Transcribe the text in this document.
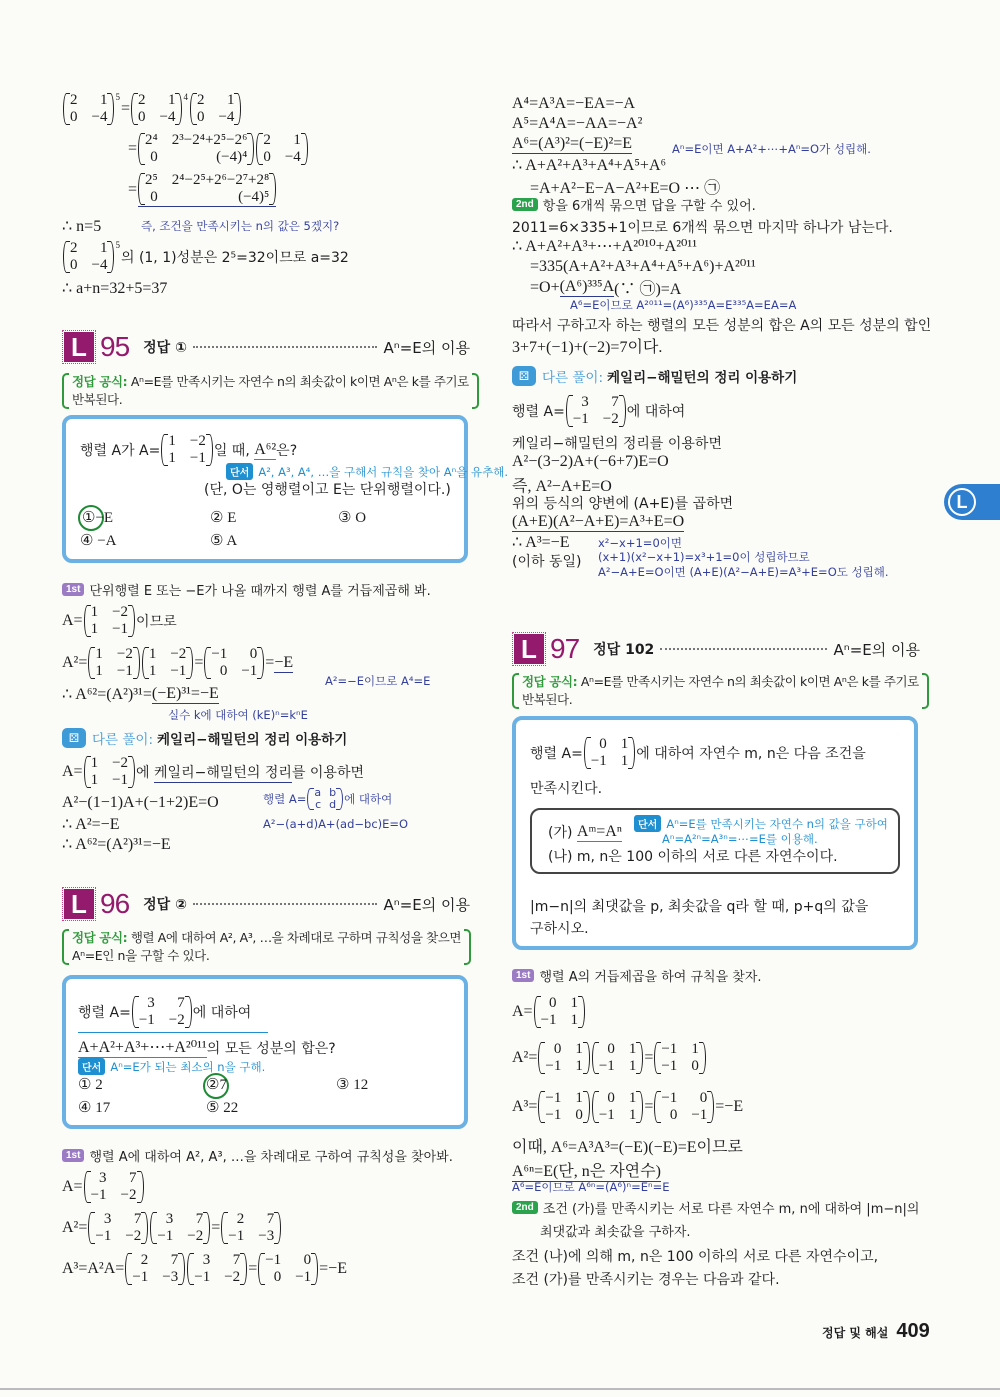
2	1
0 −4
5
= 2	1
0 −4
4 2	1
0 −4
= 2⁴ 2³−2⁴+2⁵−2⁶
0	(−4)⁴
2	1
0 −4
=
2⁵ 2⁴−2⁵+2⁶−2⁷+2⁸
0	(−4)⁵
∴ n=5	즉, 조건을 만족시키는 n의 값은 5겠지?
2	1
0 −4
5
의 (1, 1)성분은 2⁵=32이므로 a=32
∴ a+n=32+5=37
L 95 정답 ①	Aⁿ=E의 이용
정답 공식: Aⁿ=E를 만족시키는 자연수 n의 최솟값이 k이면 Aⁿ은 k를 주기로
반복된다.
행렬 A가 A=
1 −2
1 −1 일 때, A⁶² 은?
단서 A², A³, A⁴, …을 구해서 규칙을 찾아 Aⁿ을 유추해.
(단, O는 영행렬이고 E는 단위행렬이다.)
①−E	② E	③ O
④ −A	⑤ A
1st 단위행렬 E 또는 −E가 나올 때까지 행렬 A를 거듭제곱해 봐.
A= 1 −2
1 −1 이므로
A²= 1 −2
1 −1
1 −2
1 −1 = −1	0
0 −1 = −E
A²=−E이므로 A⁴=E
∴ A⁶²=(A²)³¹= (−E)³¹=−E
실수 k에 대하여 (kE)ⁿ=kⁿE
⚄ 다른 풀이: 케일리−해밀턴의 정리 이용하기
A= 1 −2
1 −1 에 케일리−해밀턴의 정리 를 이용하면
A²−(1−1)A+(−1+2)E=O	행렬 A= a b
c d 에 대하여
A²−(a+d)A+(ad−bc)E=O
∴ A²=−E
∴ A⁶²=(A²)³¹=−E
L 96 정답 ②	Aⁿ=E의 이용
정답 공식: 행렬 A에 대하여 A², A³, …을 차례대로 구하며 규칙성을 찾으면
Aⁿ=E인 n을 구할 수 있다.
행렬 A=
3	7
−1 −2 에 대하여
A+A²+A³+⋯+A²⁰¹¹ 의 모든 성분의 합은?
단서 Aⁿ=E가 되는 최소의 n을 구해.
① 2	②7	③ 12
④ 17	⑤ 22
1st 행렬 A에 대하여 A², A³, …을 차례대로 구하여 규칙성을 찾아봐.
A=	3	7
−1 −2
A²=	3	7
−1 −2
3	7
−1 −2 =	2	7
−1 −3
A³=A²A=	2	7
−1 −3
3	7
−1 −2 = −1	0
0 −1 =−E
A⁴=A³A=−EA=−A
A⁵=A⁴A=−AA=−A²
A⁶=(A³)²=(−E)²=E	Aⁿ=E이면 A+A²+⋯+Aⁿ=O가 성립해.
∴ A+A²+A³+A⁴+A⁵+A⁶
=A+A²−E−A−A²+E=O ⋯ ㉠
2nd 항을 6개씩 묶으면 답을 구할 수 있어.
2011=6×335+1이므로 6개씩 묶으면 마지막 하나가 남는다.
∴ A+A²+A³+⋯+A²⁰¹⁰+A²⁰¹¹
=335(A+A²+A³+A⁴+A⁵+A⁶)+A²⁰¹¹
=O+ (A⁶)³³⁵A (∵ ㉠)=A
A⁶=E이므로 A²⁰¹¹=(A⁶)³³⁵A=E³³⁵A=EA=A
따라서 구하고자 하는 행렬의 모든 성분의 합은 A의 모든 성분의 합인
3+7+(−1)+(−2)=7이다.
⚄ 다른 풀이: 케일리−해밀턴의 정리 이용하기
행렬 A=
3	7
−1 −2 에 대하여
케일리−해밀턴의 정리를 이용하면
A²−(3−2)A+(−6+7)E=O
즉, A²−A+E=O
위의 등식의 양변에 (A+E)를 곱하면
(A+E)(A²−A+E)=A³+E=O
∴ A³=−E
(이하 동일)
x²−x+1=0이면
(x+1)(x²−x+1)=x³+1=0이 성립하므로
A²−A+E=O이면 (A+E)(A²−A+E)=A³+E=O도 성립해.
L 97 정답 102	Aⁿ=E의 이용
정답 공식: Aⁿ=E를 만족시키는 자연수 n의 최솟값이 k이면 Aⁿ은 k를 주기로
반복된다.
행렬 A=
0 1
−1 1 에 대하여 자연수 m, n은 다음 조건을
만족시킨다.
(가) Aᵐ=Aⁿ	단서 Aⁿ=E를 만족시키는 자연수 n의 값을 구하여
Aⁿ=A²ⁿ=A³ⁿ=⋯=E를 이용해.
(나) m, n은 100 이하의 서로 다른 자연수이다.
|m−n|의 최댓값을 p, 최솟값을 q라 할 때, p+q의 값을
구하시오.
1st 행렬 A의 거듭제곱을 하여 규칙을 찾자.
A=	0 1
−1 1
A²=	0 1
−1 1
0 1
−1 1 = −1 1
−1 0
A³= −1 1
−1 0
0 1
−1 1 = −1	0
0 −1 =−E
이때, A⁶=A³A³=(−E)(−E)=E이므로
A⁶ⁿ=E(단, n은 자연수)
A⁶=E이므로 A⁶ⁿ=(A⁶)ⁿ=Eⁿ=E
2nd 조건 (가)를 만족시키는 서로 다른 자연수 m, n에 대하여 |m−n|의
최댓값과 최솟값을 구하자.
조건 (나)에 의해 m, n은 100 이하의 서로 다른 자연수이고,
조건 (가)를 만족시키는 경우는 다음과 같다.
L
정답 및 해설 409
